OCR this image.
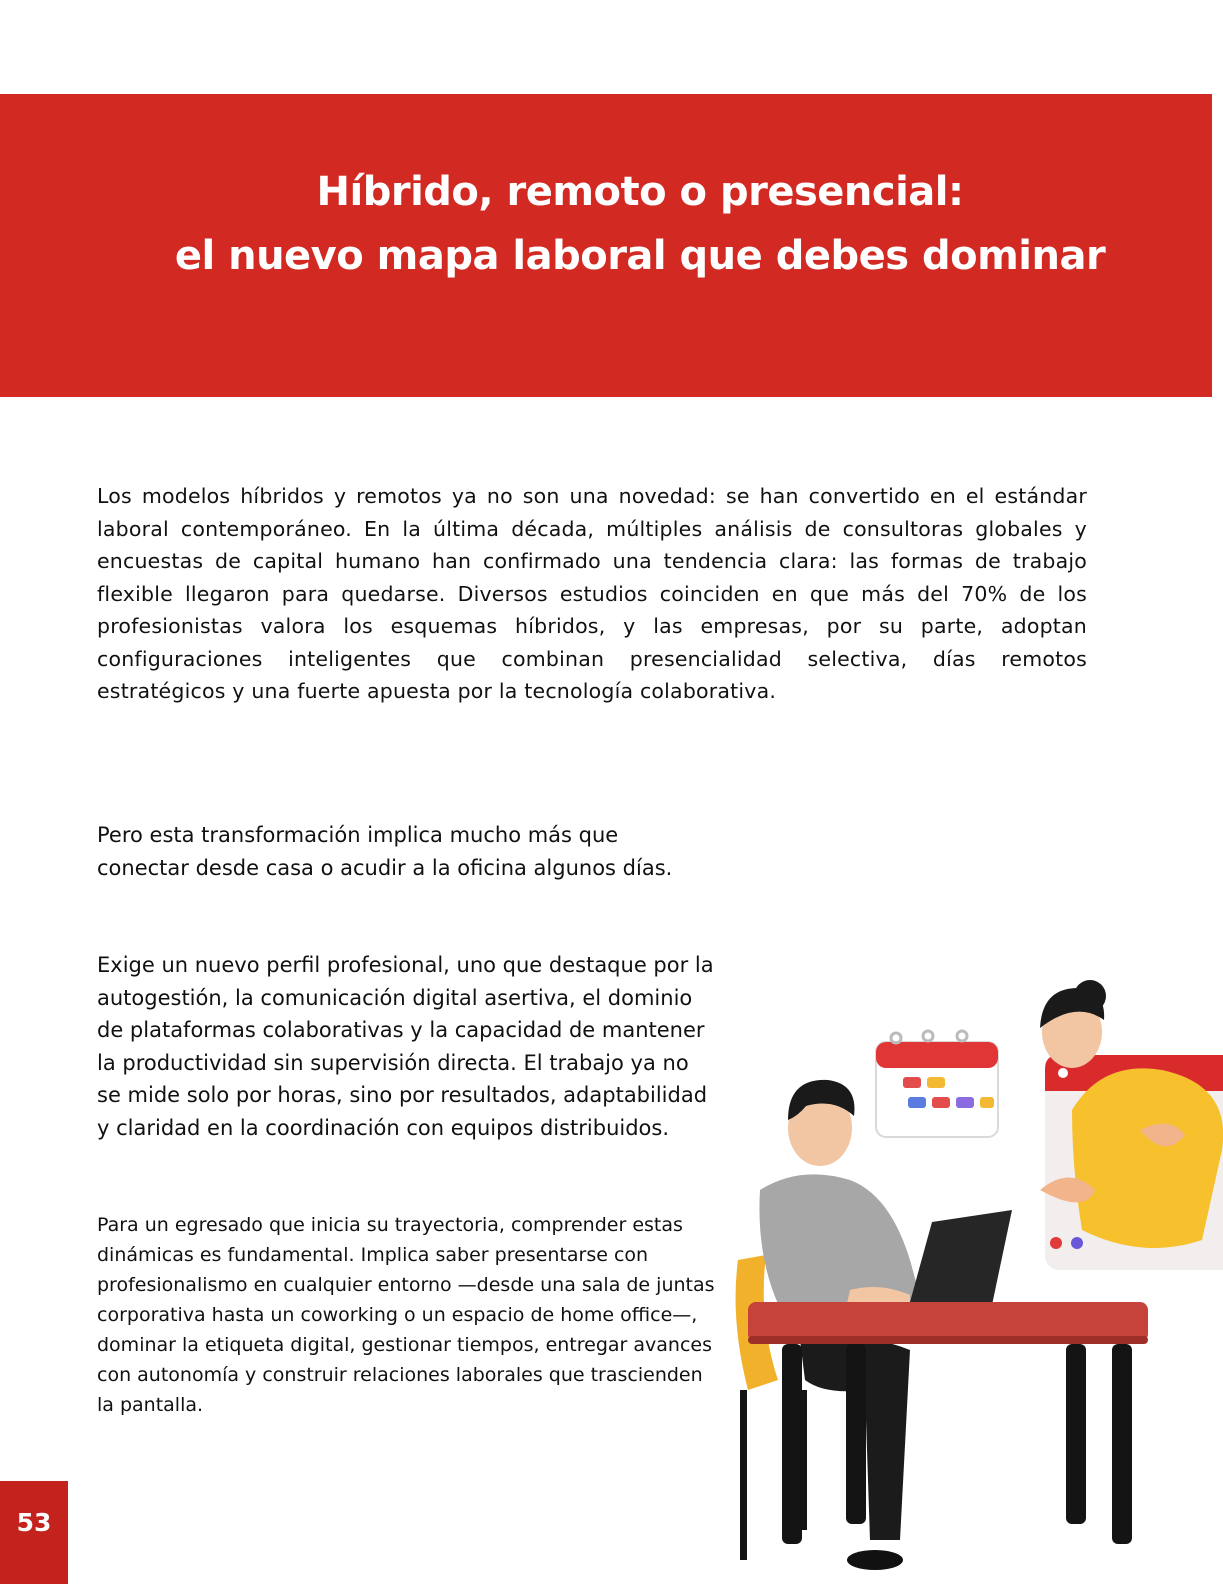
Híbrido, remoto o presencial:
el nuevo mapa laboral que debes dominar

Los modelos híbridos y remotos ya no son una novedad: se han convertido en el estándar laboral contemporáneo. En la última década, múltiples análisis de consultoras globales y encuestas de capital humano han confirmado una tendencia clara: las formas de trabajo flexible llegaron para quedarse. Diversos estudios coinciden en que más del 70% de los profesionistas valora los esquemas híbridos, y las empresas, por su parte, adoptan configuraciones inteligentes que combinan presencialidad selectiva, días remotos estratégicos y una fuerte apuesta por la tecnología colaborativa.

Pero esta transformación implica mucho más que conectar desde casa o acudir a la oficina algunos días.

Exige un nuevo perfil profesional, uno que destaque por la autogestión, la comunicación digital asertiva, el dominio de plataformas colaborativas y la capacidad de mantener la productividad sin supervisión directa. El trabajo ya no se mide solo por horas, sino por resultados, adaptabilidad y claridad en la coordinación con equipos distribuidos.

Para un egresado que inicia su trayectoria, comprender estas dinámicas es fundamental. Implica saber presentarse con profesionalismo en cualquier entorno —desde una sala de juntas corporativa hasta un coworking o un espacio de home office—, dominar la etiqueta digital, gestionar tiempos, entregar avances con autonomía y construir relaciones laborales que trascienden la pantalla.

53
